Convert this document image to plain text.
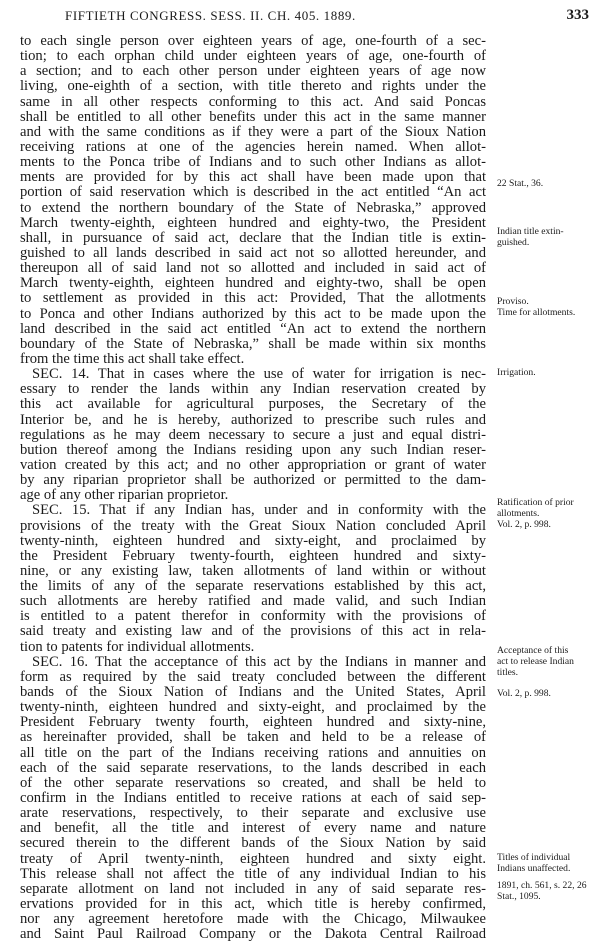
FIFTIETH CONGRESS. SESS. II. CH. 405. 1889.	333
to each single person over eighteen years of age, one-fourth of a sec-
tion; to each orphan child under eighteen years of age, one-fourth of
a section; and to each other person under eighteen years of age now
living, one-eighth of a section, with title thereto and rights under the
same in all other respects conforming to this act. And said Poncas
shall be entitled to all other benefits under this act in the same manner
and with the same conditions as if they were a part of the Sioux Nation
receiving rations at one of the agencies herein named. When allot-
ments to the Ponca tribe of Indians and to such other Indians as allot-
ments are provided for by this act shall have been made upon that
portion of said reservation which is described in the act entitled “An act
to extend the northern boundary of the State of Nebraska,” approved
March twenty-eighth, eighteen hundred and eighty-two, the President
shall, in pursuance of said act, declare that the Indian title is extin-
guished to all lands described in said act not so allotted hereunder, and
thereupon all of said land not so allotted and included in said act of
March twenty-eighth, eighteen hundred and eighty-two, shall be open
to settlement as provided in this act: Provided, That the allotments
to Ponca and other Indians authorized by this act to be made upon the
land described in the said act entitled “An act to extend the northern
boundary of the State of Nebraska,” shall be made within six months
from the time this act shall take effect.
SEC. 14. That in cases where the use of water for irrigation is nec-
essary to render the lands within any Indian reservation created by
this act available for agricultural purposes, the Secretary of the
Interior be, and he is hereby, authorized to prescribe such rules and
regulations as he may deem necessary to secure a just and equal distri-
bution thereof among the Indians residing upon any such Indian reser-
vation created by this act; and no other appropriation or grant of water
by any riparian proprietor shall be authorized or permitted to the dam-
age of any other riparian proprietor.
SEC. 15. That if any Indian has, under and in conformity with the
provisions of the treaty with the Great Sioux Nation concluded April
twenty-ninth, eighteen hundred and sixty-eight, and proclaimed by
the President February twenty-fourth, eighteen hundred and sixty-
nine, or any existing law, taken allotments of land within or without
the limits of any of the separate reservations established by this act,
such allotments are hereby ratified and made valid, and such Indian
is entitled to a patent therefor in conformity with the provisions of
said treaty and existing law and of the provisions of this act in rela-
tion to patents for individual allotments.
SEC. 16. That the acceptance of this act by the Indians in manner and
form as required by the said treaty concluded between the different
bands of the Sioux Nation of Indians and the United States, April
twenty-ninth, eighteen hundred and sixty-eight, and proclaimed by the
President February twenty fourth, eighteen hundred and sixty-nine,
as hereinafter provided, shall be taken and held to be a release of
all title on the part of the Indians receiving rations and annuities on
each of the said separate reservations, to the lands described in each
of the other separate reservations so created, and shall be held to
confirm in the Indians entitled to receive rations at each of said sep-
arate reservations, respectively, to their separate and exclusive use
and benefit, all the title and interest of every name and nature
secured therein to the different bands of the Sioux Nation by said
treaty of April twenty-ninth, eighteen hundred and sixty eight.
This release shall not affect the title of any individual Indian to his
separate allotment on land not included in any of said separate res-
ervations provided for in this act, which title is hereby confirmed,
nor any agreement heretofore made with the Chicago, Milwaukee
and Saint Paul Railroad Company or the Dakota Central Railroad
22 Stat., 36.
Indian title extin-
guished.
Proviso.
Time for allotments.
Irrigation.
Ratification of prior
allotments.
Vol. 2, p. 998.
Acceptance of this
act to release Indian
titles.
Vol. 2, p. 998.
Titles of individual
Indians unaffected.
1891, ch. 561, s. 22, 26
Stat., 1095.
